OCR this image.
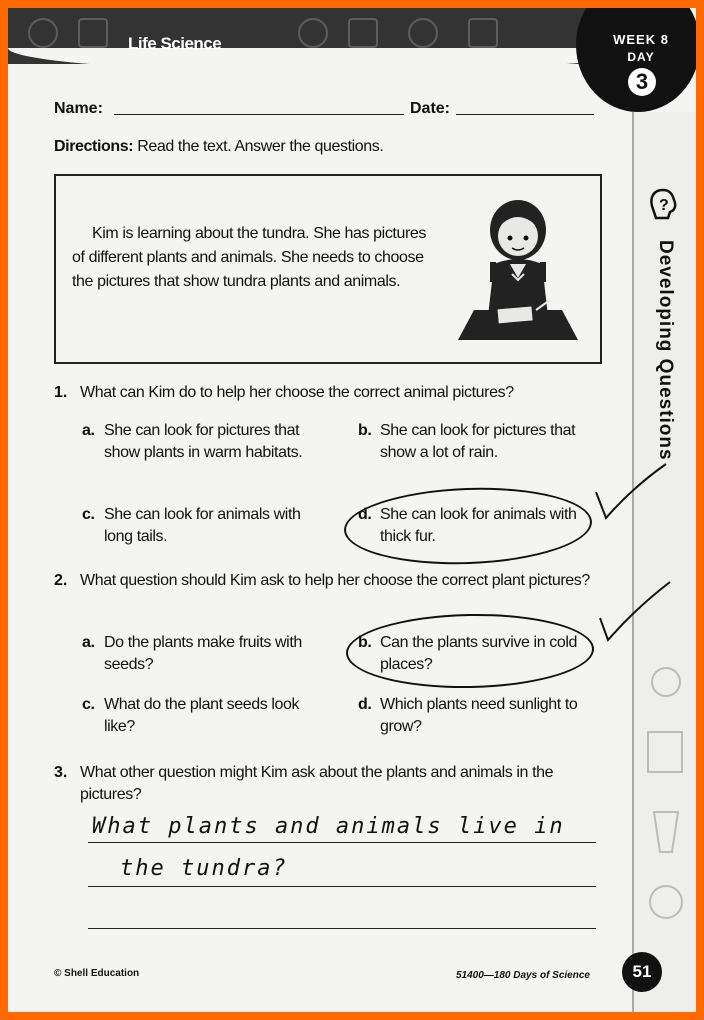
Life Science	WEEK 8
DAY
3
?
Developing Questions
Name:	Date:
Directions: Read the text. Answer the questions.
Kim is learning about the tundra. She has pictures of different plants and animals. She needs to choose the pictures that show tundra plants and animals.
1. What can Kim do to help her choose the correct animal pictures?
a. She can look for pictures that show plants in warm habitats.
b. She can look for pictures that show a lot of rain.
c. She can look for animals with long tails.
d. She can look for animals with thick fur.
2. What question should Kim ask to help her choose the correct plant pictures?
a. Do the plants make fruits with seeds?
b. Can the plants survive in cold places?
c. What do the plant seeds look like?
d. Which plants need sunlight to grow?
3. What other question might Kim ask about the plants and animals in the pictures?
What plants and animals live in
the tundra?
© Shell Education	51400—180 Days of Science	51
